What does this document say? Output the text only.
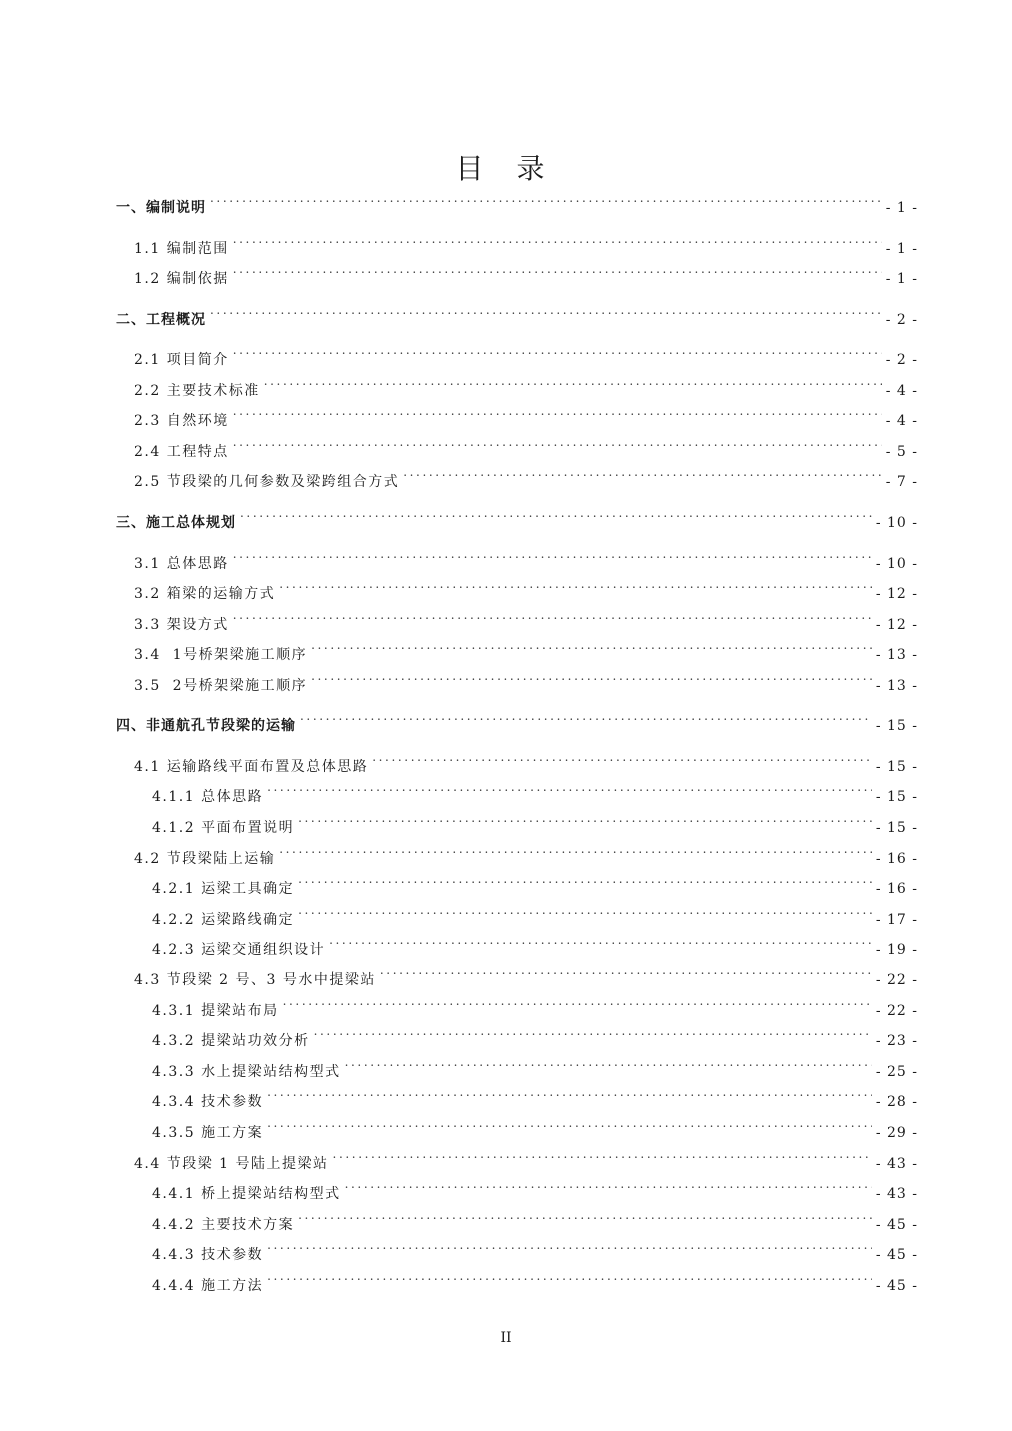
目 录
一、编制说明 .....	- 1 -
1.1 编制范围 .....	- 1 -
1.2 编制依据 .....	- 1 -
二、工程概况 .....	- 2 -
2.1 项目简介 .....	- 2 -
2.2 主要技术标准 .....	- 4 -
2.3 自然环境 .....	- 4 -
2.4 工程特点 .....	- 5 -
2.5 节段梁的几何参数及梁跨组合方式 .....	- 7 -
三、施工总体规划 .....	- 10 -
3.1 总体思路 .....	- 10 -
3.2 箱梁的运输方式 .....	- 12 -
3.3 架设方式 .....	- 12 -
3.4  1号桥架梁施工顺序 .....	- 13 -
3.5  2号桥架梁施工顺序 .....	- 13 -
四、非通航孔节段梁的运输 .....	- 15 -
4.1 运输路线平面布置及总体思路 .....	- 15 -
4.1.1 总体思路 .....	- 15 -
4.1.2 平面布置说明 .....	- 15 -
4.2 节段梁陆上运输 .....	- 16 -
4.2.1 运梁工具确定 .....	- 16 -
4.2.2 运梁路线确定 .....	- 17 -
4.2.3 运梁交通组织设计 .....	- 19 -
4.3 节段梁 2 号、3 号水中提梁站 .....	- 22 -
4.3.1 提梁站布局 .....	- 22 -
4.3.2 提梁站功效分析 .....	- 23 -
4.3.3 水上提梁站结构型式 .....	- 25 -
4.3.4 技术参数 .....	- 28 -
4.3.5 施工方案 .....	- 29 -
4.4 节段梁 1 号陆上提梁站 .....	- 43 -
4.4.1 桥上提梁站结构型式 .....	- 43 -
4.4.2 主要技术方案 .....	- 45 -
4.4.3 技术参数 .....	- 45 -
4.4.4 施工方法 .....	- 45 -
II
